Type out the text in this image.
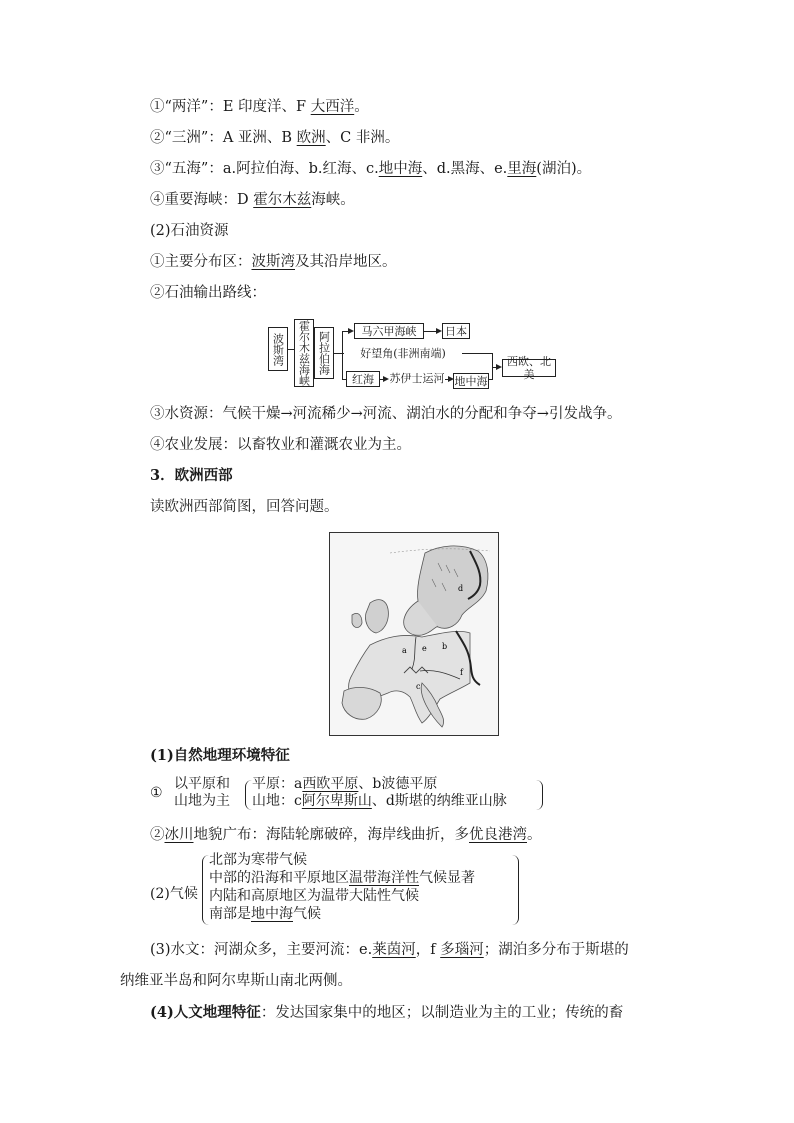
①“两洋”：E 印度洋、F 大西洋。
②“三洲”：A 亚洲、B 欧洲、C 非洲。
③“五海”：a.阿拉伯海、b.红海、c.地中海、d.黑海、e.里海(湖泊)。
④重要海峡：D 霍尔木兹海峡。
(2)石油资源
①主要分布区：波斯湾及其沿岸地区。
②石油输出路线：
波斯湾	霍尔木兹海峡 阿拉伯海	马六甲海峡	日本
好望角(非洲南端)
红海	苏伊士运河 地中海
西欧、北美
③水资源：气候干燥→河流稀少→河流、湖泊水的分配和争夺→引发战争。
④农业发展：以畜牧业和灌溉农业为主。
3．欧洲西部
读欧洲西部简图，回答问题。
a	b
c
d
e
f
(1)自然地理环境特征
①
以平原和
山地为主
平原：a西欧平原、b波德平原
山地：c阿尔卑斯山、d斯堪的纳维亚山脉
②冰川地貌广布：海陆轮廓破碎，海岸线曲折，多优良港湾。
(2)气候
北部为寒带气候
中部的沿海和平原地区温带海洋性气候显著
内陆和高原地区为温带大陆性气候
南部是地中海气候
(3)水文：河湖众多，主要河流：e.莱茵河，f 多瑙河；湖泊多分布于斯堪的
纳维亚半岛和阿尔卑斯山南北两侧。
(4)人文地理特征：发达国家集中的地区；以制造业为主的工业；传统的畜
